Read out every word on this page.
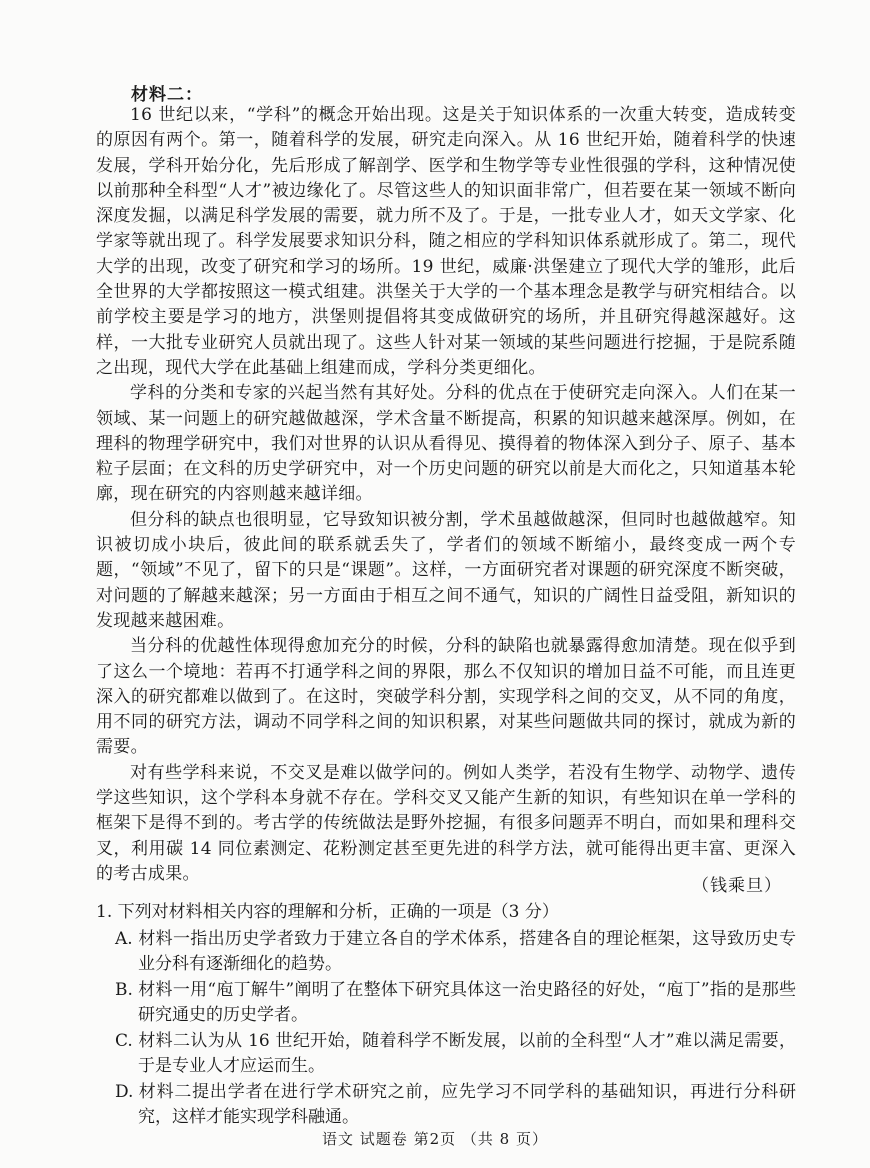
材料二：

16 世纪以来，“学科”的概念开始出现。这是关于知识体系的一次重大转变，造成转变的原因有两个。第一，随着科学的发展，研究走向深入。从 16 世纪开始，随着科学的快速发展，学科开始分化，先后形成了解剖学、医学和生物学等专业性很强的学科，这种情况使以前那种全科型“人才”被边缘化了。尽管这些人的知识面非常广，但若要在某一领域不断向深度发掘，以满足科学发展的需要，就力所不及了。于是，一批专业人才，如天文学家、化学家等就出现了。科学发展要求知识分科，随之相应的学科知识体系就形成了。第二，现代大学的出现，改变了研究和学习的场所。19 世纪，威廉·洪堡建立了现代大学的雏形，此后全世界的大学都按照这一模式组建。洪堡关于大学的一个基本理念是教学与研究相结合。以前学校主要是学习的地方，洪堡则提倡将其变成做研究的场所，并且研究得越深越好。这样，一大批专业研究人员就出现了。这些人针对某一领域的某些问题进行挖掘，于是院系随之出现，现代大学在此基础上组建而成，学科分类更细化。

学科的分类和专家的兴起当然有其好处。分科的优点在于使研究走向深入。人们在某一领域、某一问题上的研究越做越深，学术含量不断提高，积累的知识越来越深厚。例如，在理科的物理学研究中，我们对世界的认识从看得见、摸得着的物体深入到分子、原子、基本粒子层面；在文科的历史学研究中，对一个历史问题的研究以前是大而化之，只知道基本轮廓，现在研究的内容则越来越详细。

但分科的缺点也很明显，它导致知识被分割，学术虽越做越深，但同时也越做越窄。知识被切成小块后，彼此间的联系就丢失了，学者们的领域不断缩小，最终变成一两个专题，“领域”不见了，留下的只是“课题”。这样，一方面研究者对课题的研究深度不断突破，对问题的了解越来越深；另一方面由于相互之间不通气，知识的广阔性日益受阻，新知识的发现越来越困难。

当分科的优越性体现得愈加充分的时候，分科的缺陷也就暴露得愈加清楚。现在似乎到了这么一个境地：若再不打通学科之间的界限，那么不仅知识的增加日益不可能，而且连更深入的研究都难以做到了。在这时，突破学科分割，实现学科之间的交叉，从不同的角度，用不同的研究方法，调动不同学科之间的知识积累，对某些问题做共同的探讨，就成为新的需要。

对有些学科来说，不交叉是难以做学问的。例如人类学，若没有生物学、动物学、遗传学这些知识，这个学科本身就不存在。学科交叉又能产生新的知识，有些知识在单一学科的框架下是得不到的。考古学的传统做法是野外挖掘，有很多问题弄不明白，而如果和理科交叉，利用碳 14 同位素测定、花粉测定甚至更先进的科学方法，就可能得出更丰富、更深入的考古成果。

（钱乘旦）

1. 下列对材料相关内容的理解和分析，正确的一项是（3 分）

A. 材料一指出历史学者致力于建立各自的学术体系，搭建各自的理论框架，这导致历史专业分科有逐渐细化的趋势。
B. 材料一用“庖丁解牛”阐明了在整体下研究具体这一治史路径的好处，“庖丁”指的是那些研究通史的历史学者。
C. 材料二认为从 16 世纪开始，随着科学不断发展，以前的全科型“人才”难以满足需要，于是专业人才应运而生。
D. 材料二提出学者在进行学术研究之前，应先学习不同学科的基础知识，再进行分科研究，这样才能实现学科融通。
语文 试题卷 第2页 （共 8 页）
